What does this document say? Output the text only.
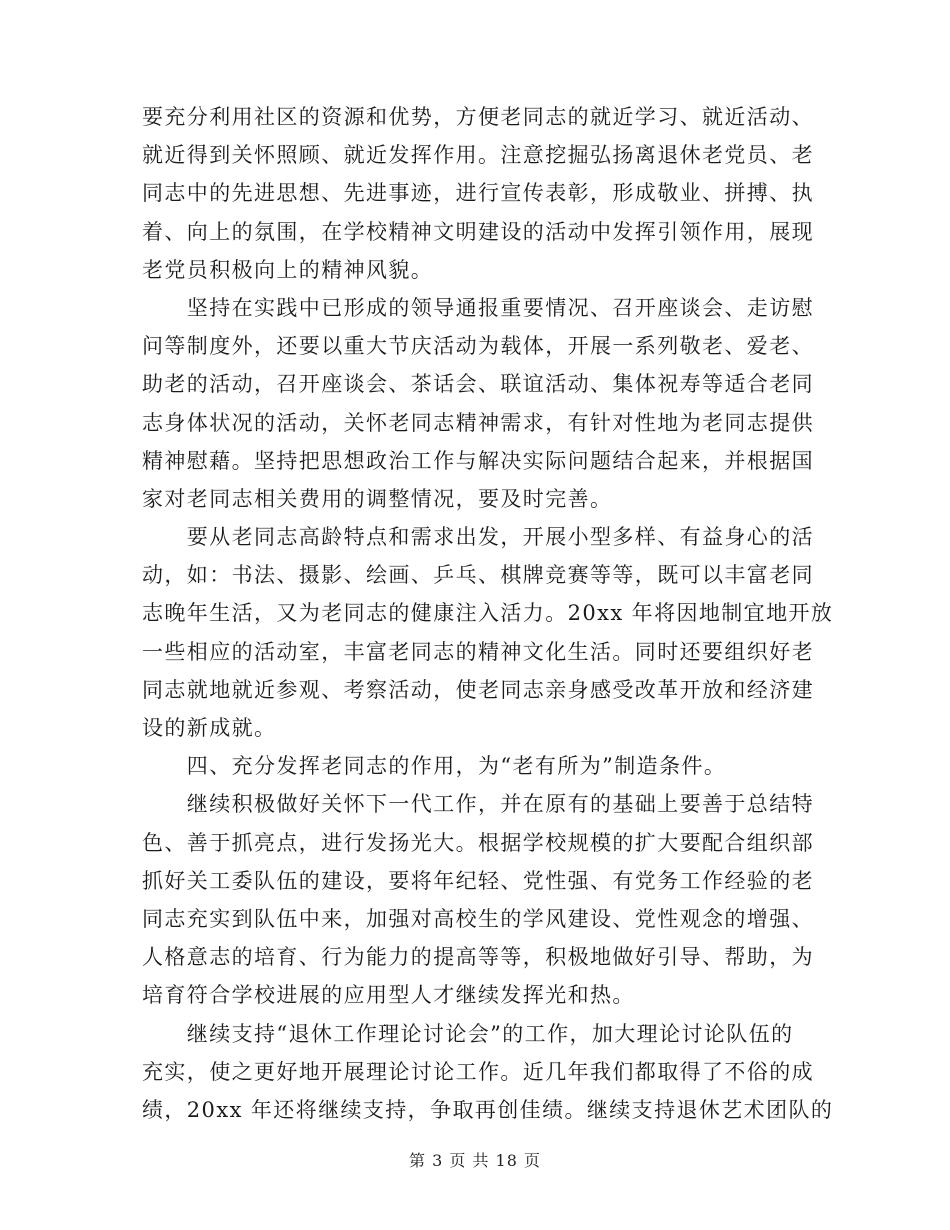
要充分利用社区的资源和优势，方便老同志的就近学习、就近活动、
就近得到关怀照顾、就近发挥作用。注意挖掘弘扬离退休老党员、老
同志中的先进思想、先进事迹，进行宣传表彰，形成敬业、拼搏、执
着、向上的氛围，在学校精神文明建设的活动中发挥引领作用，展现
老党员积极向上的精神风貌。
　　坚持在实践中已形成的领导通报重要情况、召开座谈会、走访慰
问等制度外，还要以重大节庆活动为载体，开展一系列敬老、爱老、
助老的活动，召开座谈会、茶话会、联谊活动、集体祝寿等适合老同
志身体状况的活动，关怀老同志精神需求，有针对性地为老同志提供
精神慰藉。坚持把思想政治工作与解决实际问题结合起来，并根据国
家对老同志相关费用的调整情况，要及时完善。
　　要从老同志高龄特点和需求出发，开展小型多样、有益身心的活
动，如：书法、摄影、绘画、乒乓、棋牌竞赛等等，既可以丰富老同
志晚年生活，又为老同志的健康注入活力。20xx 年将因地制宜地开放
一些相应的活动室，丰富老同志的精神文化生活。同时还要组织好老
同志就地就近参观、考察活动，使老同志亲身感受改革开放和经济建
设的新成就。
　　四、充分发挥老同志的作用，为“老有所为”制造条件。
　　继续积极做好关怀下一代工作，并在原有的基础上要善于总结特
色、善于抓亮点，进行发扬光大。根据学校规模的扩大要配合组织部
抓好关工委队伍的建设，要将年纪轻、党性强、有党务工作经验的老
同志充实到队伍中来，加强对高校生的学风建设、党性观念的增强、
人格意志的培育、行为能力的提高等等，积极地做好引导、帮助，为
培育符合学校进展的应用型人才继续发挥光和热。
　　继续支持“退休工作理论讨论会”的工作，加大理论讨论队伍的
充实，使之更好地开展理论讨论工作。近几年我们都取得了不俗的成
绩，20xx 年还将继续支持，争取再创佳绩。继续支持退休艺术团队的
第 3 页 共 18 页
